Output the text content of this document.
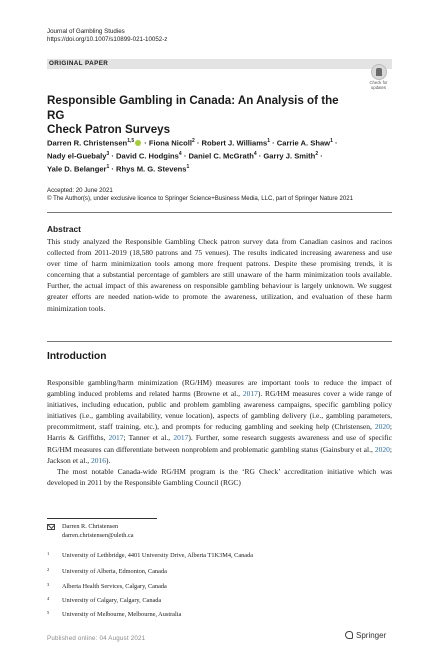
Journal of Gambling Studies
https://doi.org/10.1007/s10899-021-10052-z
ORIGINAL PAPER
Check for
updates
Responsible Gambling in Canada: An Analysis of the RG
Check Patron Surveys
Darren R. Christensen$^{1,5}$ · Fiona Nicoll$^2$ · Robert J. Williams$^1$ · Carrie A. Shaw$^1$ ·
Nady el-Guebaly$^3$ · David C. Hodgins$^4$ · Daniel C. McGrath$^4$ · Garry J. Smith$^2$ ·
Yale D. Belanger$^1$ · Rhys M. G. Stevens$^1$
Accepted: 20 June 2021
© The Author(s), under exclusive licence to Springer Science+Business Media, LLC, part of Springer Nature 2021
Abstract
This study analyzed the Responsible Gambling Check patron survey data from Canadian casinos and racinos collected from 2011-2019 (18,580 patrons and 75 venues). The results indicated increasing awareness and use over time of harm minimization tools among more frequent patrons. Despite these promising trends, it is concerning that a substantial percentage of gamblers are still unaware of the harm minimization tools available. Further, the actual impact of this awareness on responsible gambling behaviour is largely unknown. We suggest greater efforts are needed nation-wide to promote the awareness, utilization, and evaluation of these harm minimization tools.
Introduction

Responsible gambling/harm minimization (RG/HM) measures are important tools to reduce the impact of gambling induced problems and related harms (Browne et al., 2017). RG/HM measures cover a wide range of initiatives, including education, public and problem gambling awareness campaigns, specific gambling policy initiatives (i.e., gambling availability, venue location), aspects of gambling delivery (i.e., gambling parameters, precommitment, staff training, etc.), and prompts for reducing gambling and seeking help (Christensen, 2020; Harris & Griffiths, 2017; Tanner et al., 2017). Further, some research suggests awareness and use of specific RG/HM measures can differentiate between nonproblem and problematic gambling status (Gainsbury et al., 2020; Jackson et al., 2016).

The most notable Canada-wide RG/HM program is the ‘RG Check’ accreditation initiative which was developed in 2011 by the Responsible Gambling Council (RGC)

Darren R. Christensen
darren.christensen@uleth.ca
1 University of Lethbridge, 4401 University Drive, Alberta T1K3M4, Canada
2 University of Alberta, Edmonton, Canada
3 Alberta Health Services, Calgary, Canada
4 University of Calgary, Calgary, Canada
5 University of Melbourne, Melbourne, Australia
Published online: 04 August 2021	Springer
